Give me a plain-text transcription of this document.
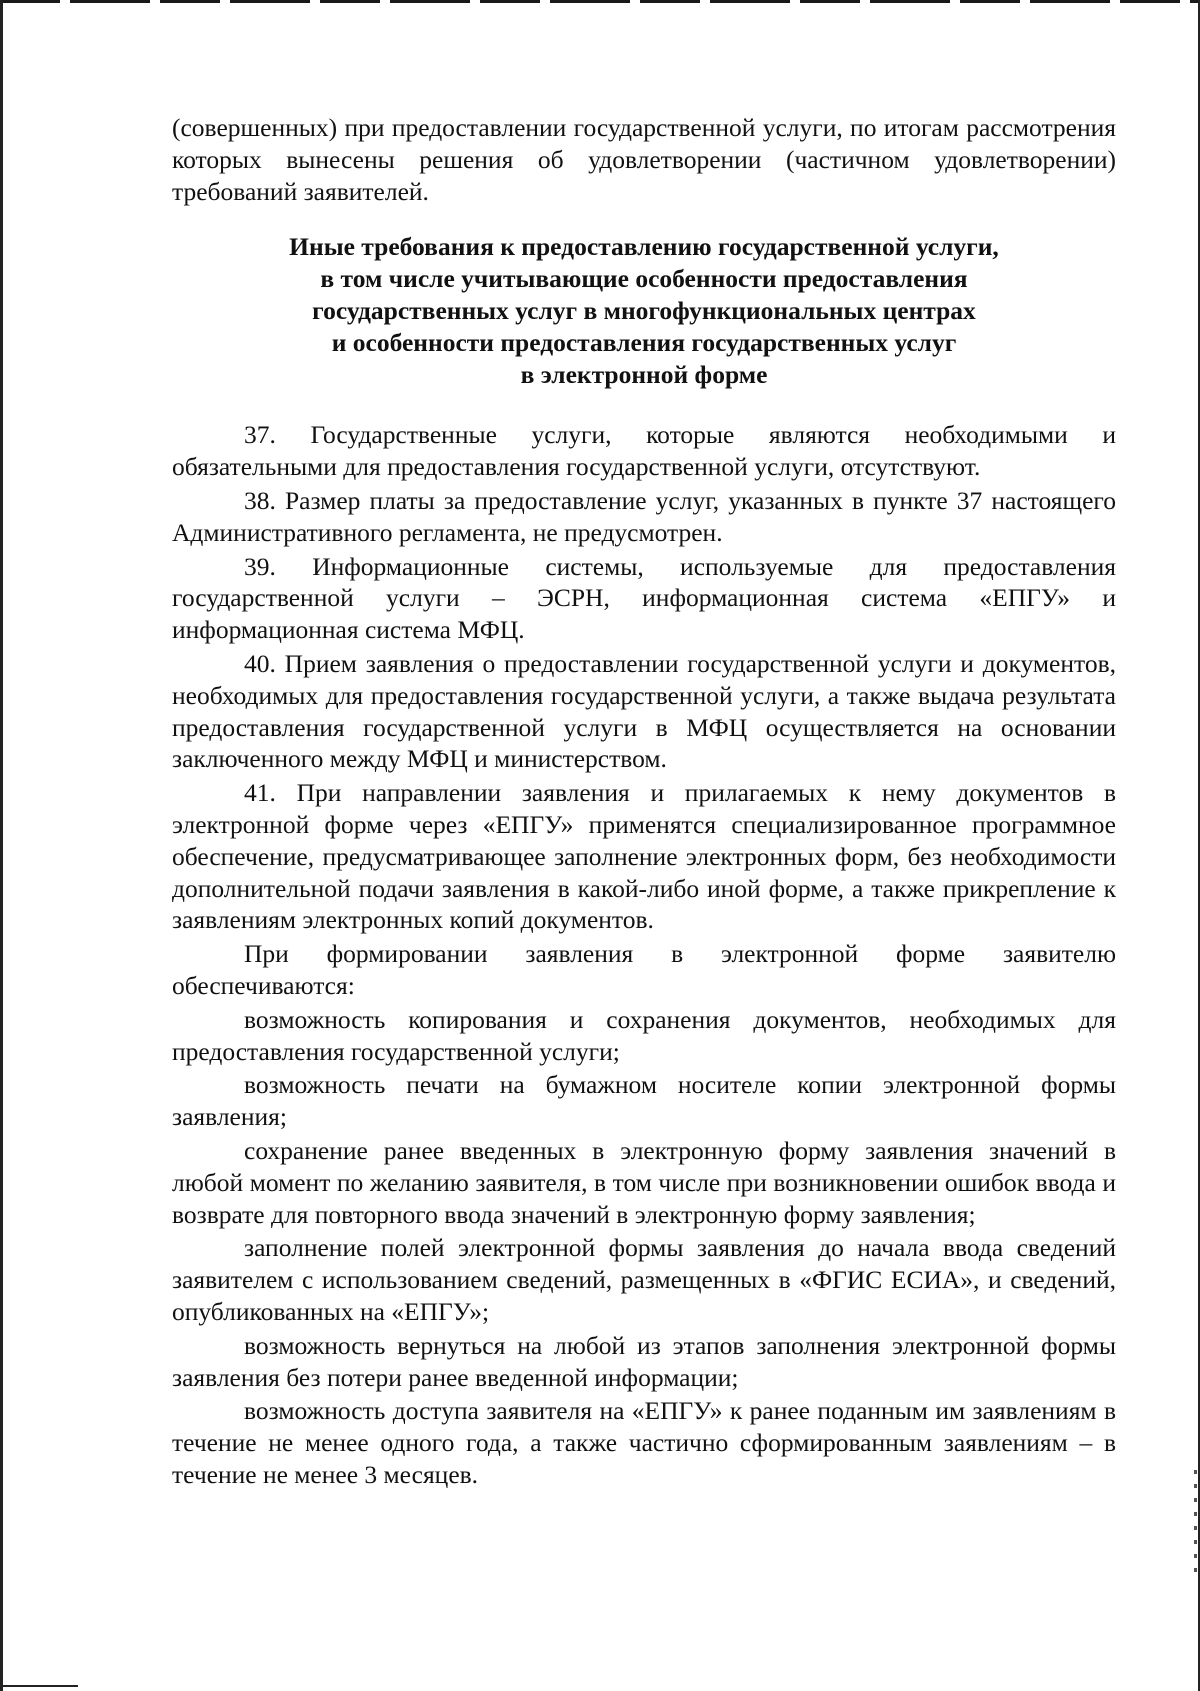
(совершенных) при предоставлении государственной услуги, по итогам рассмотрения которых вынесены решения об удовлетворении (частичном удовлетворении) требований заявителей.

Иные требования к предоставлению государственной услуги,
в том числе учитывающие особенности предоставления
государственных услуг в многофункциональных центрах
и особенности предоставления государственных услуг
в электронной форме

37. Государственные услуги, которые являются необходимыми и обязательными для предоставления государственной услуги, отсутствуют.

38. Размер платы за предоставление услуг, указанных в пункте 37 настоящего Административного регламента, не предусмотрен.

39. Информационные системы, используемые для предоставления государственной услуги – ЭСРН, информационная система «ЕПГУ» и информационная система МФЦ.

40. Прием заявления о предоставлении государственной услуги и документов, необходимых для предоставления государственной услуги, а также выдача результата предоставления государственной услуги в МФЦ осуществляется на основании заключенного между МФЦ и министерством.

41. При направлении заявления и прилагаемых к нему документов в электронной форме через «ЕПГУ» применятся специализированное программное обеспечение, предусматривающее заполнение электронных форм, без необходимости дополнительной подачи заявления в какой-либо иной форме, а также прикрепление к заявлениям электронных копий документов.

При формировании заявления в электронной форме заявителю обеспечиваются:

возможность копирования и сохранения документов, необходимых для предоставления государственной услуги;

возможность печати на бумажном носителе копии электронной формы заявления;

сохранение ранее введенных в электронную форму заявления значений в любой момент по желанию заявителя, в том числе при возникновении ошибок ввода и возврате для повторного ввода значений в электронную форму заявления;

заполнение полей электронной формы заявления до начала ввода сведений заявителем с использованием сведений, размещенных в «ФГИС ЕСИА», и сведений, опубликованных на «ЕПГУ»;

возможность вернуться на любой из этапов заполнения электронной формы заявления без потери ранее введенной информации;

возможность доступа заявителя на «ЕПГУ» к ранее поданным им заявлениям в течение не менее одного года, а также частично сформированным заявлениям – в течение не менее 3 месяцев.
